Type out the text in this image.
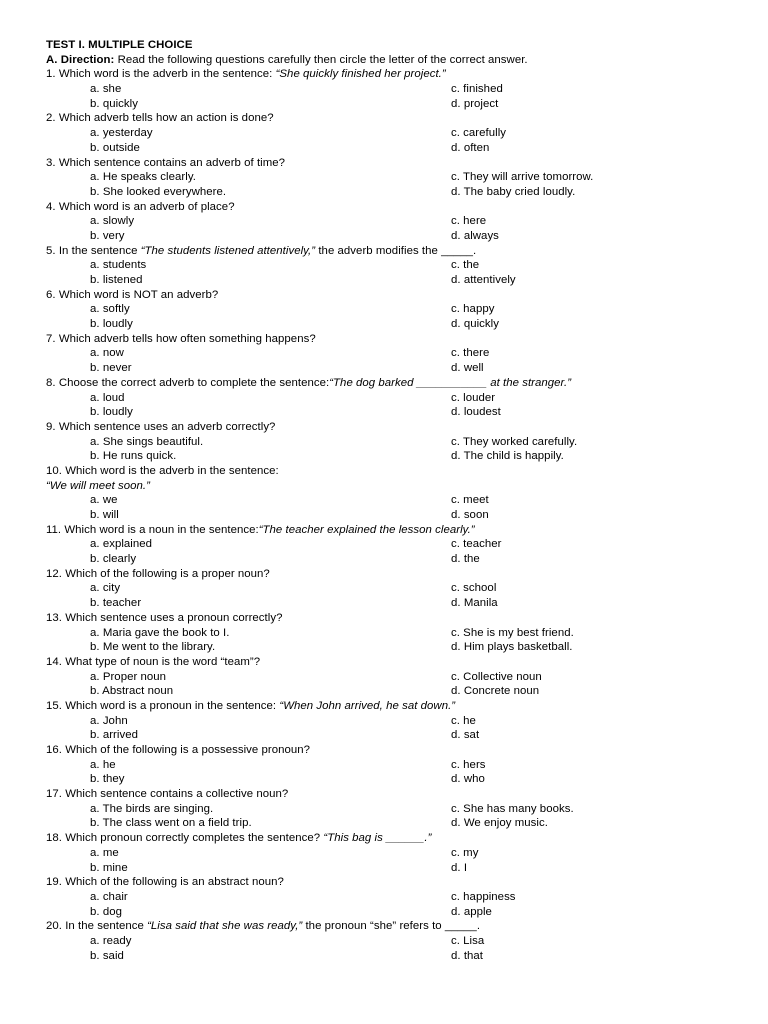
TEST I. MULTIPLE CHOICE
A. Direction: Read the following questions carefully then circle the letter of the correct answer.
1. Which word is the adverb in the sentence: “She quickly finished her project.”
a. she	c. finished
b. quickly	d. project
2. Which adverb tells how an action is done?
a. yesterday	c. carefully
b. outside	d. often
3. Which sentence contains an adverb of time?
a. He speaks clearly.	c. They will arrive tomorrow.
b. She looked everywhere.	d. The baby cried loudly.
4. Which word is an adverb of place?
a. slowly	c. here
b. very	d. always
5. In the sentence “The students listened attentively,” the adverb modifies the _____.
a. students	c. the
b. listened	d. attentively
6. Which word is NOT an adverb?
a. softly	c. happy
b. loudly	d. quickly
7. Which adverb tells how often something happens?
a. now	c. there
b. never	d. well
8. Choose the correct adverb to complete the sentence:“The dog barked ___________ at the stranger.”
a. loud	c. louder
b. loudly	d. loudest
9. Which sentence uses an adverb correctly?
a. She sings beautiful.	c. They worked carefully.
b. He runs quick.	d. The child is happily.
10. Which word is the adverb in the sentence:
“We will meet soon.”
a. we	c. meet
b. will	d. soon
11. Which word is a noun in the sentence:“The teacher explained the lesson clearly.”
a. explained	c. teacher
b. clearly	d. the
12. Which of the following is a proper noun?
a. city	c. school
b. teacher	d. Manila
13. Which sentence uses a pronoun correctly?
a. Maria gave the book to I.	c. She is my best friend.
b. Me went to the library.	d. Him plays basketball.
14. What type of noun is the word “team”?
a. Proper noun	c. Collective noun
b. Abstract noun	d. Concrete noun
15. Which word is a pronoun in the sentence: “When John arrived, he sat down.”
a. John	c. he
b. arrived	d. sat
16. Which of the following is a possessive pronoun?
a. he	c. hers
b. they	d. who
17. Which sentence contains a collective noun?
a. The birds are singing.	c. She has many books.
b. The class went on a field trip.	d. We enjoy music.
18. Which pronoun correctly completes the sentence? “This bag is ______.”
a. me	c. my
b. mine	d. I
19. Which of the following is an abstract noun?
a. chair	c. happiness
b. dog	d. apple
20. In the sentence “Lisa said that she was ready,” the pronoun “she” refers to _____.
a. ready	c. Lisa
b. said	d. that
